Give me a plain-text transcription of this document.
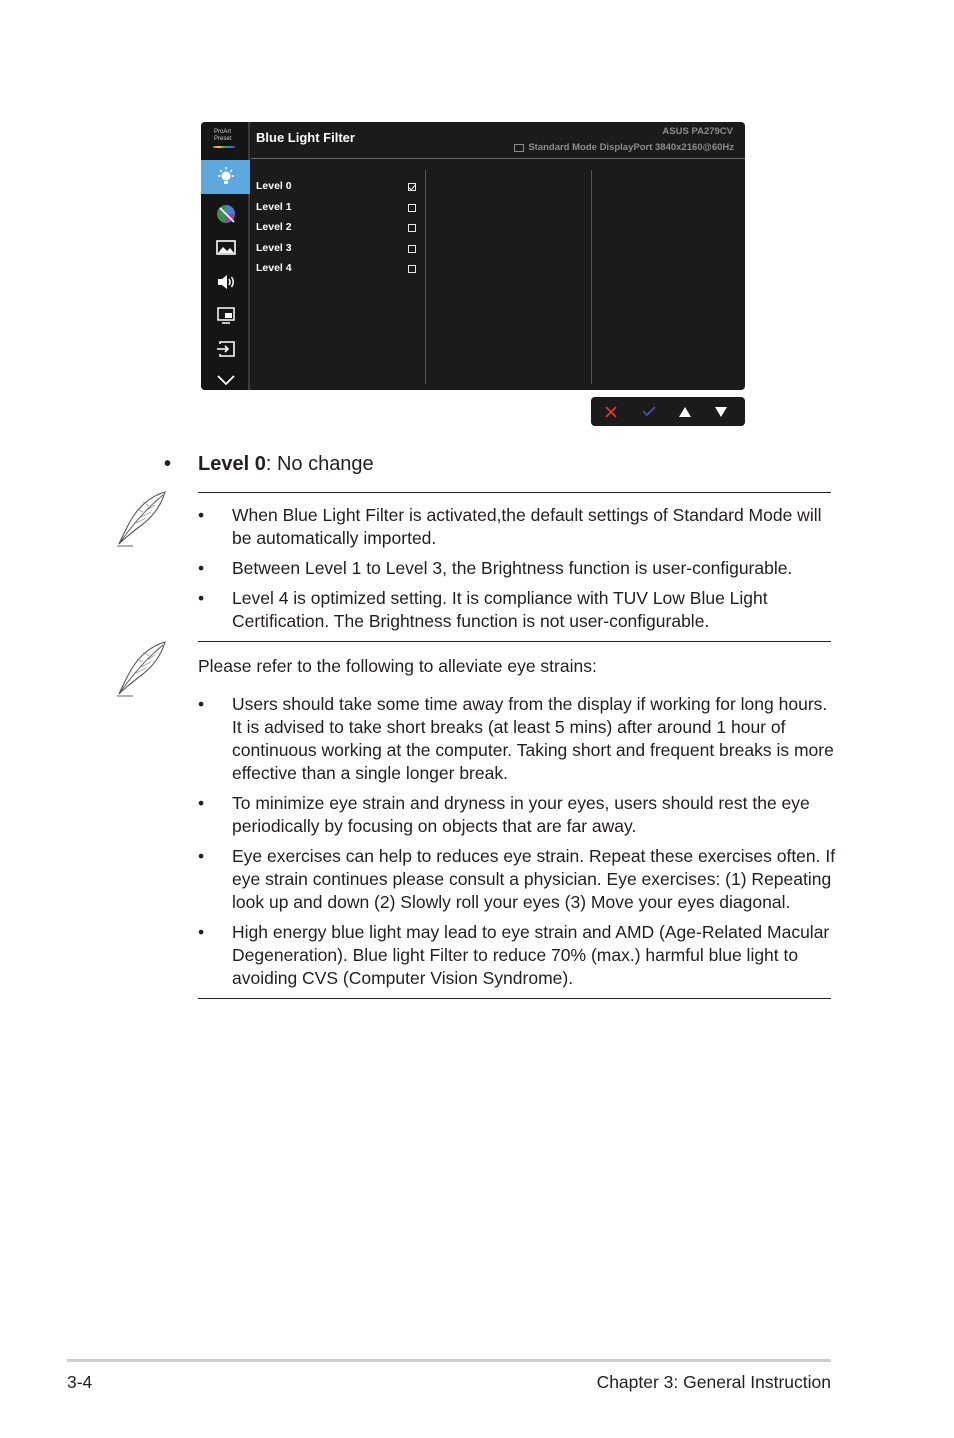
ProArt
Preset	Blue Light Filter	ASUS PA279CV
Standard Mode DisplayPort 3840x2160@60Hz
Level 0
Level 1
Level 2
Level 3
Level 4
• Level 0: No change
• When Blue Light Filter is activated,the default settings of Standard Mode will be automatically imported.
• Between Level 1 to Level 3, the Brightness function is user-configurable.
• Level 4 is optimized setting. It is compliance with TUV Low Blue Light Certification. The Brightness function is not user-configurable.
Please refer to the following to alleviate eye strains:
• Users should take some time away from the display if working for long hours. It is advised to take short breaks (at least 5 mins) after around 1 hour of continuous working at the computer. Taking short and frequent breaks is more effective than a single longer break.
• To minimize eye strain and dryness in your eyes, users should rest the eye periodically by focusing on objects that are far away.
• Eye exercises can help to reduces eye strain. Repeat these exercises often. If eye strain continues please consult a physician. Eye exercises: (1) Repeating look up and down (2) Slowly roll your eyes (3) Move your eyes diagonal.
• High energy blue light may lead to eye strain and AMD (Age-Related Macular Degeneration). Blue light Filter to reduce 70% (max.) harmful blue light to avoiding CVS (Computer Vision Syndrome).
3-4	Chapter 3: General Instruction
